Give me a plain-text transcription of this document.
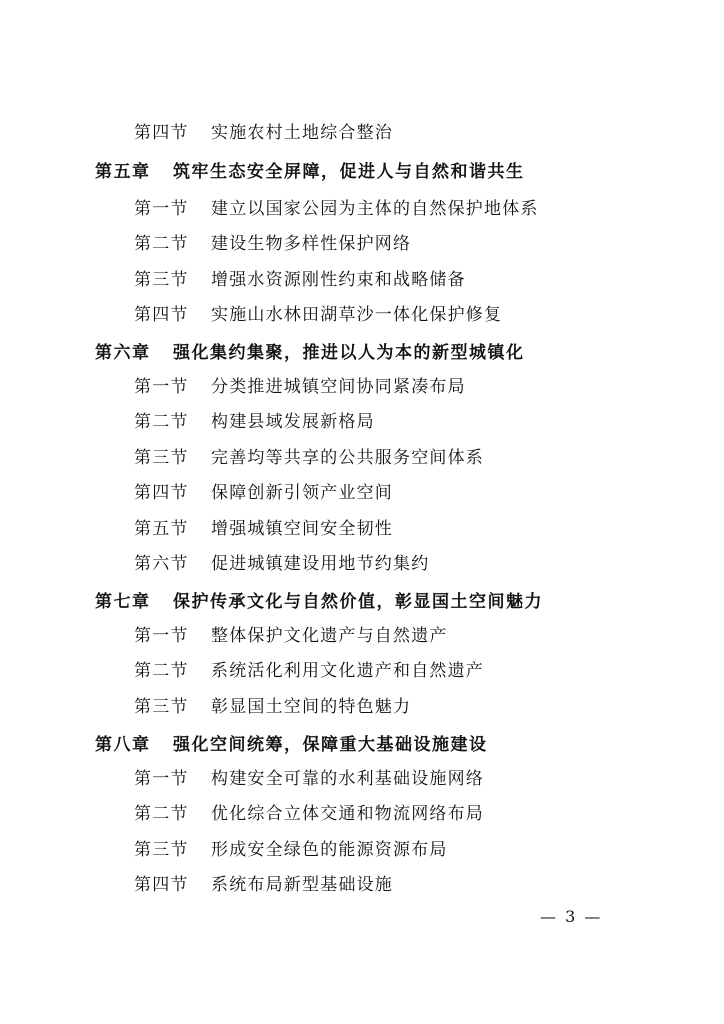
第四节 实施农村土地综合整治
第五章 筑牢生态安全屏障，促进人与自然和谐共生
第一节 建立以国家公园为主体的自然保护地体系
第二节 建设生物多样性保护网络
第三节 增强水资源刚性约束和战略储备
第四节 实施山水林田湖草沙一体化保护修复
第六章 强化集约集聚，推进以人为本的新型城镇化
第一节 分类推进城镇空间协同紧凑布局
第二节 构建县域发展新格局
第三节 完善均等共享的公共服务空间体系
第四节 保障创新引领产业空间
第五节 增强城镇空间安全韧性
第六节 促进城镇建设用地节约集约
第七章 保护传承文化与自然价值，彰显国土空间魅力
第一节 整体保护文化遗产与自然遗产
第二节 系统活化利用文化遗产和自然遗产
第三节 彰显国土空间的特色魅力
第八章 强化空间统筹，保障重大基础设施建设
第一节 构建安全可靠的水利基础设施网络
第二节 优化综合立体交通和物流网络布局
第三节 形成安全绿色的能源资源布局
第四节 系统布局新型基础设施
— 3 —
